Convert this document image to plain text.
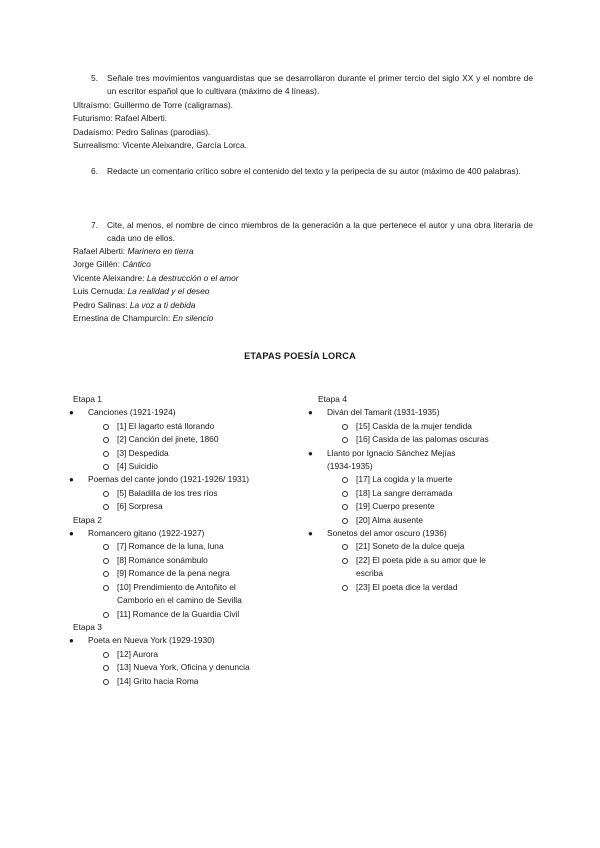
5. Señale tres movimientos vanguardistas que se desarrollaron durante el primer tercio del siglo XX y el nombre de un escritor español que lo cultivara (máximo de 4 líneas).
Ultraísmo: Guillermo de Torre (caligramas).
Futurismo: Rafael Alberti.
Dadaísmo: Pedro Salinas (parodias).
Surrealismo: Vicente Aleixandre, García Lorca.
6. Redacte un comentario crítico sobre el contenido del texto y la peripecia de su autor (máximo de 400 palabras).
7. Cite, al menos, el nombre de cinco miembros de la generación a la que pertenece el autor y una obra literaria de cada uno de ellos.
Rafael Alberti: Marinero en tierra
Jorge Gillén: Cántico
Vicente Aleixandre: La destrucción o el amor
Luis Cernuda: La realidad y el deseo
Pedro Salinas: La voz a ti debida
Ernestina de Champurcín: En silencio
ETAPAS POESÍA LORCA
Etapa 1
● Canciones (1921-1924)
[1] El lagarto está llorando
[2] Canción del jinete, 1860
[3] Despedida
[4] Suicidio
● Poemas del cante jondo (1921-1926/ 1931)
[5] Baladilla de los tres ríos
[6] Sorpresa
Etapa 2
● Romancero gitano (1922-1927)
[7] Romance de la luna, luna
[8] Romance sonámbulo
[9] Romance de la pena negra
[10] Prendimiento de Antoñito el
Camborio en el camino de Sevilla
[11] Romance de la Guardia Civil
Etapa 3
● Poeta en Nueva York (1929-1930)
[12] Aurora
[13] Nueva York, Oficina y denuncia
[14] Grito hacia Roma
Etapa 4
● Diván del Tamarit (1931-1935)
[15] Casida de la mujer tendida
[16] Casida de las palomas oscuras
● Llanto por Ignacio Sánchez Mejías
(1934-1935)
[17] La cogida y la muerte
[18] La sangre derramada
[19] Cuerpo presente
[20] Alma ausente
● Sonetos del amor oscuro (1936)
[21] Soneto de la dulce queja
[22] El poeta pide a su amor que le
escriba
[23] El poeta dice la verdad
